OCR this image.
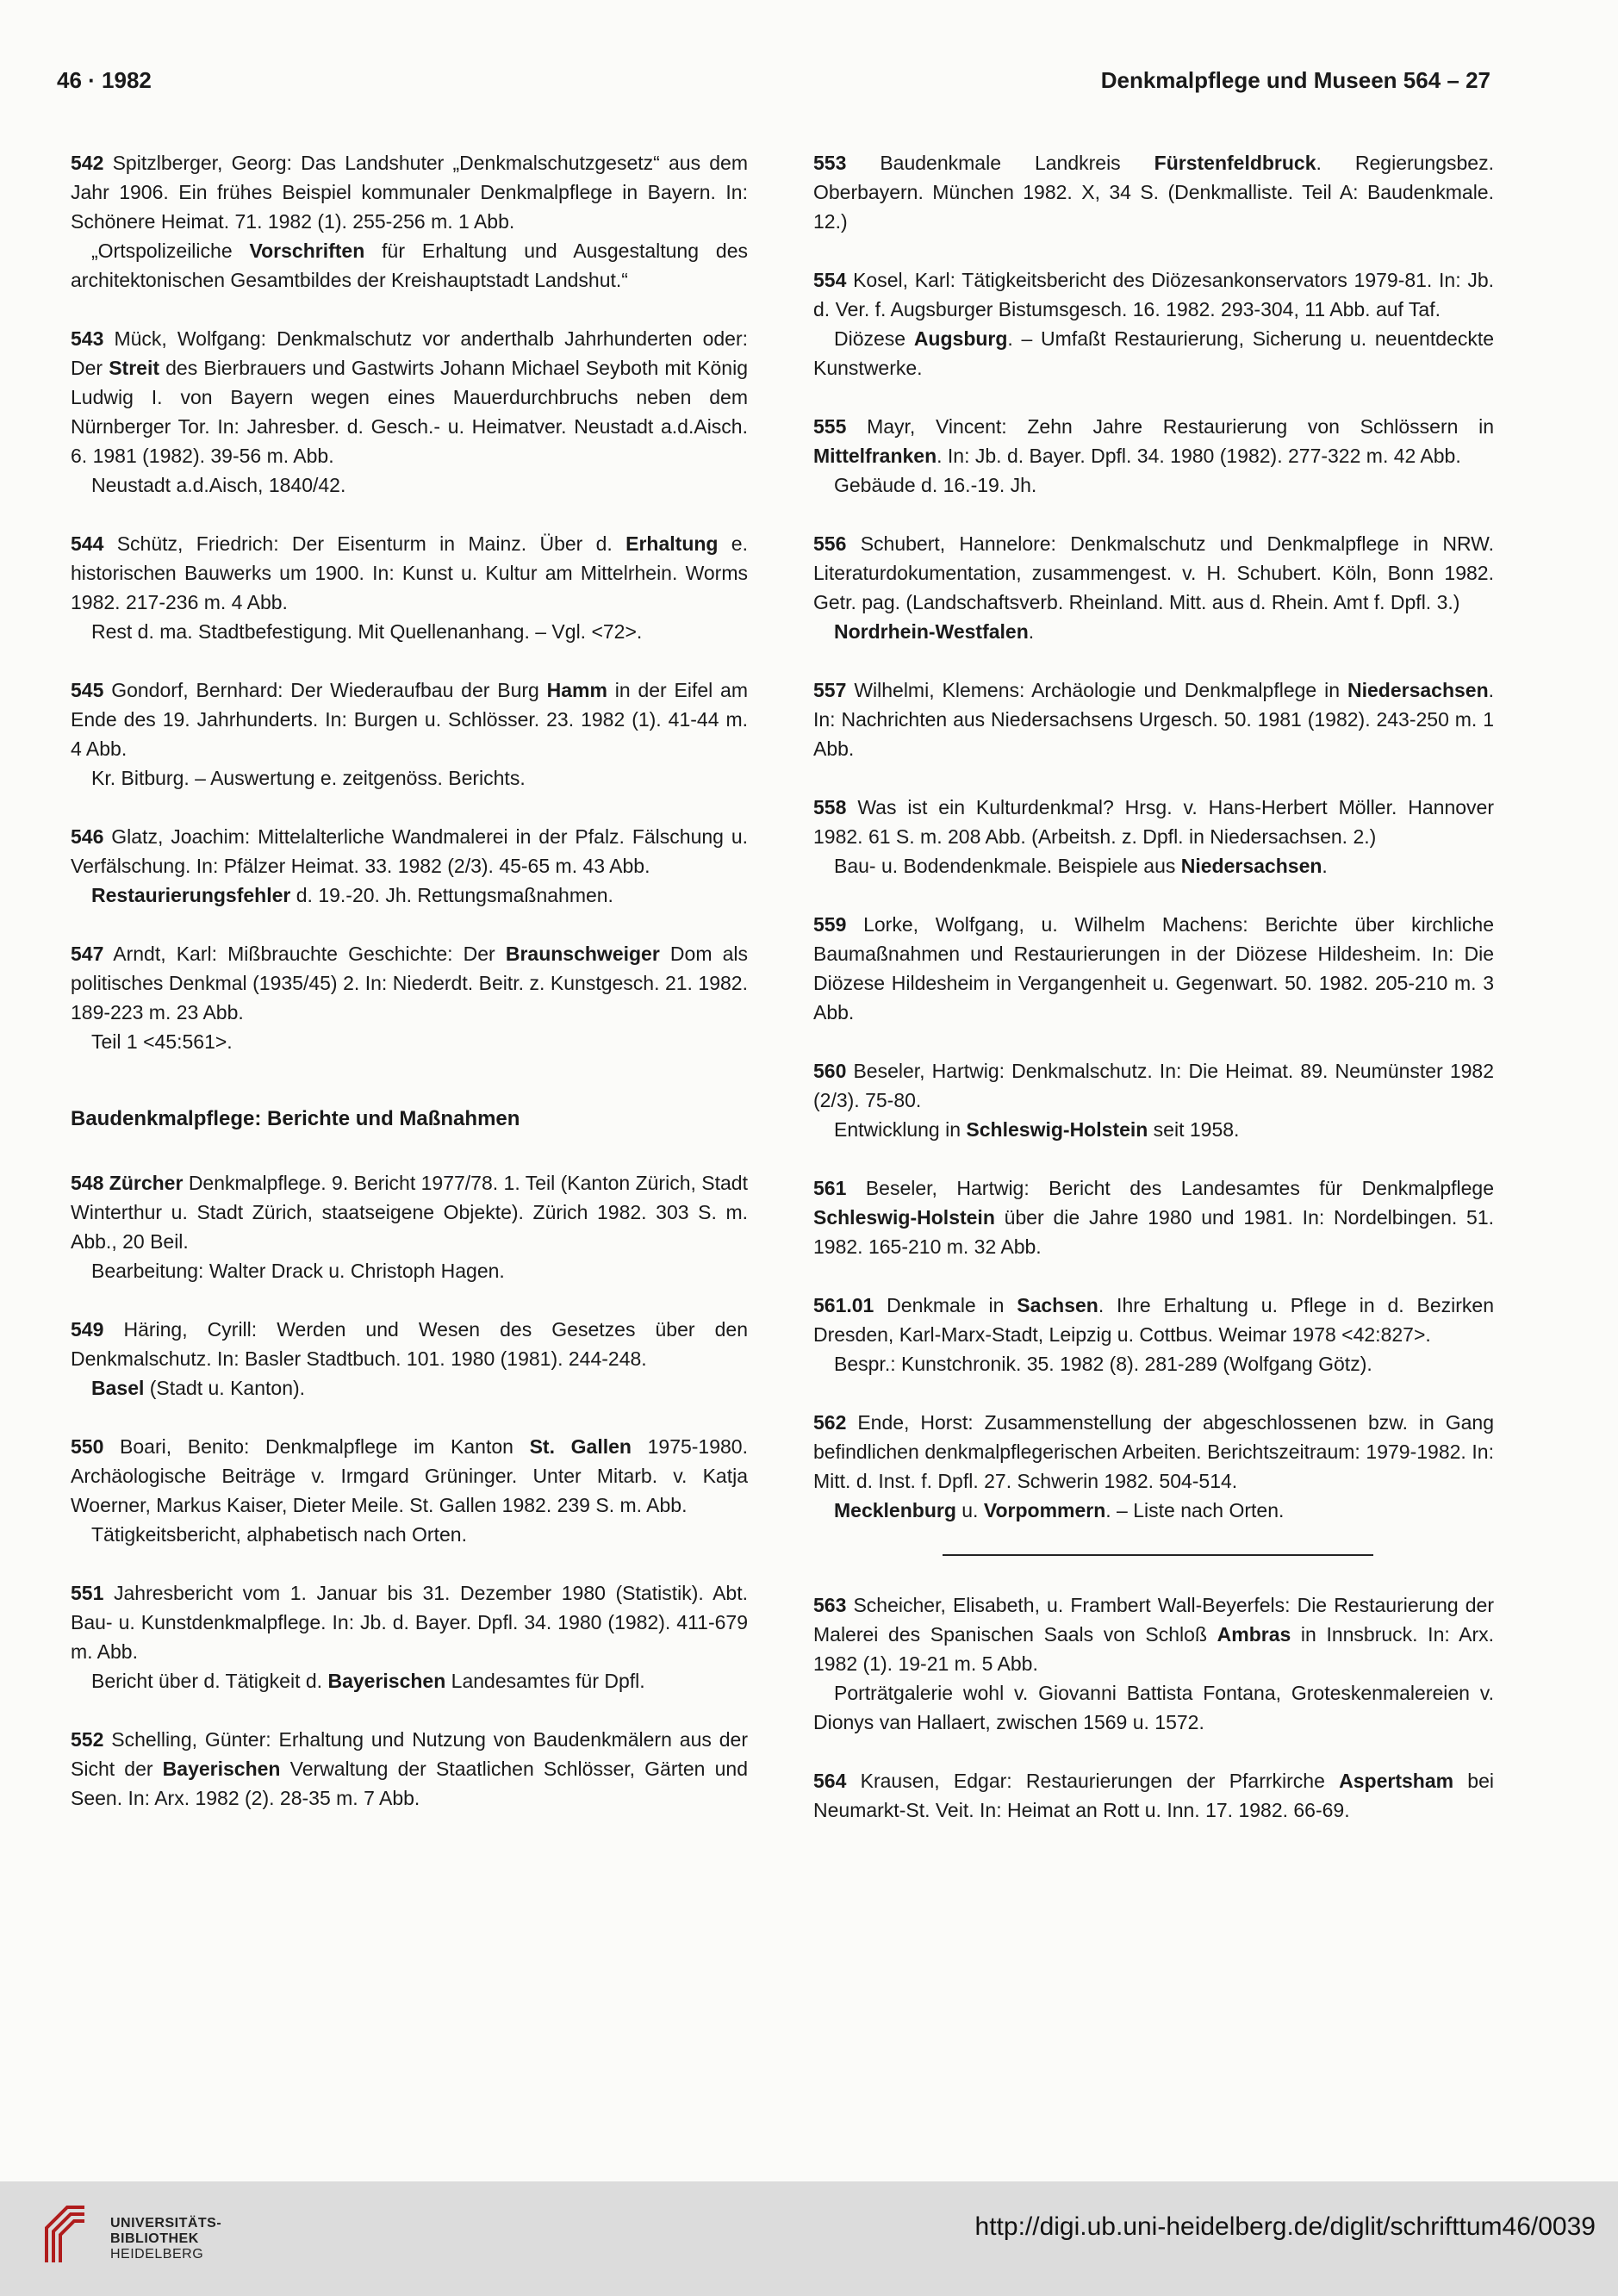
46 · 1982	Denkmalpflege und Museen 564 – 27

542 Spitzlberger, Georg: Das Landshuter „Denkmalschutzgesetz“ aus dem Jahr 1906. Ein frühes Beispiel kommunaler Denkmalpflege in Bayern. In: Schönere Heimat. 71. 1982 (1). 255-256 m. 1 Abb.

„Ortspolizeiliche Vorschriften für Erhaltung und Ausgestaltung des architektonischen Gesamtbildes der Kreishauptstadt Landshut.“

543 Mück, Wolfgang: Denkmalschutz vor anderthalb Jahrhunderten oder: Der Streit des Bierbrauers und Gastwirts Johann Michael Seyboth mit König Ludwig I. von Bayern wegen eines Mauerdurchbruchs neben dem Nürnberger Tor. In: Jahresber. d. Gesch.- u. Heimatver. Neustadt a.d.Aisch. 6. 1981 (1982). 39-56 m. Abb.

Neustadt a.d.Aisch, 1840/42.

544 Schütz, Friedrich: Der Eisenturm in Mainz. Über d. Erhaltung e. historischen Bauwerks um 1900. In: Kunst u. Kultur am Mittelrhein. Worms 1982. 217-236 m. 4 Abb.

Rest d. ma. Stadtbefestigung. Mit Quellenanhang. – Vgl. <72>.

545 Gondorf, Bernhard: Der Wiederaufbau der Burg Hamm in der Eifel am Ende des 19. Jahrhunderts. In: Burgen u. Schlösser. 23. 1982 (1). 41-44 m. 4 Abb.

Kr. Bitburg. – Auswertung e. zeitgenöss. Berichts.

546 Glatz, Joachim: Mittelalterliche Wandmalerei in der Pfalz. Fälschung u. Verfälschung. In: Pfälzer Heimat. 33. 1982 (2/3). 45-65 m. 43 Abb.

Restaurierungsfehler d. 19.-20. Jh. Rettungsmaßnahmen.

547 Arndt, Karl: Mißbrauchte Geschichte: Der Braunschweiger Dom als politisches Denkmal (1935/45) 2. In: Niederdt. Beitr. z. Kunstgesch. 21. 1982. 189-223 m. 23 Abb.

Teil 1 <45:561>.

Baudenkmalpflege: Berichte und Maßnahmen

548 Zürcher Denkmalpflege. 9. Bericht 1977/78. 1. Teil (Kanton Zürich, Stadt Winterthur u. Stadt Zürich, staatseigene Objekte). Zürich 1982. 303 S. m. Abb., 20 Beil.

Bearbeitung: Walter Drack u. Christoph Hagen.

549 Häring, Cyrill: Werden und Wesen des Gesetzes über den Denkmalschutz. In: Basler Stadtbuch. 101. 1980 (1981). 244-248.

Basel (Stadt u. Kanton).

550 Boari, Benito: Denkmalpflege im Kanton St. Gallen 1975-1980. Archäologische Beiträge v. Irmgard Grüninger. Unter Mitarb. v. Katja Woerner, Markus Kaiser, Dieter Meile. St. Gallen 1982. 239 S. m. Abb.

Tätigkeitsbericht, alphabetisch nach Orten.

551 Jahresbericht vom 1. Januar bis 31. Dezember 1980 (Statistik). Abt. Bau- u. Kunstdenkmalpflege. In: Jb. d. Bayer. Dpfl. 34. 1980 (1982). 411-679 m. Abb.

Bericht über d. Tätigkeit d. Bayerischen Landesamtes für Dpfl.

552 Schelling, Günter: Erhaltung und Nutzung von Baudenkmälern aus der Sicht der Bayerischen Verwaltung der Staatlichen Schlösser, Gärten und Seen. In: Arx. 1982 (2). 28-35 m. 7 Abb.

553 Baudenkmale Landkreis Fürstenfeldbruck. Regierungsbez. Oberbayern. München 1982. X, 34 S. (Denkmalliste. Teil A: Baudenkmale. 12.)

554 Kosel, Karl: Tätigkeitsbericht des Diözesankonservators 1979-81. In: Jb. d. Ver. f. Augsburger Bistumsgesch. 16. 1982. 293-304, 11 Abb. auf Taf.

Diözese Augsburg. – Umfaßt Restaurierung, Sicherung u. neuentdeckte Kunstwerke.

555 Mayr, Vincent: Zehn Jahre Restaurierung von Schlössern in Mittelfranken. In: Jb. d. Bayer. Dpfl. 34. 1980 (1982). 277-322 m. 42 Abb.

Gebäude d. 16.-19. Jh.

556 Schubert, Hannelore: Denkmalschutz und Denkmalpflege in NRW. Literaturdokumentation, zusammengest. v. H. Schubert. Köln, Bonn 1982. Getr. pag. (Landschaftsverb. Rheinland. Mitt. aus d. Rhein. Amt f. Dpfl. 3.)

Nordrhein-Westfalen.

557 Wilhelmi, Klemens: Archäologie und Denkmalpflege in Niedersachsen. In: Nachrichten aus Niedersachsens Urgesch. 50. 1981 (1982). 243-250 m. 1 Abb.

558 Was ist ein Kulturdenkmal? Hrsg. v. Hans-Herbert Möller. Hannover 1982. 61 S. m. 208 Abb. (Arbeitsh. z. Dpfl. in Niedersachsen. 2.)

Bau- u. Bodendenkmale. Beispiele aus Niedersachsen.

559 Lorke, Wolfgang, u. Wilhelm Machens: Berichte über kirchliche Baumaßnahmen und Restaurierungen in der Diözese Hildesheim. In: Die Diözese Hildesheim in Vergangenheit u. Gegenwart. 50. 1982. 205-210 m. 3 Abb.

560 Beseler, Hartwig: Denkmalschutz. In: Die Heimat. 89. Neumünster 1982 (2/3). 75-80.

Entwicklung in Schleswig-Holstein seit 1958.

561 Beseler, Hartwig: Bericht des Landesamtes für Denkmalpflege Schleswig-Holstein über die Jahre 1980 und 1981. In: Nordelbingen. 51. 1982. 165-210 m. 32 Abb.

561.01 Denkmale in Sachsen. Ihre Erhaltung u. Pflege in d. Bezirken Dresden, Karl-Marx-Stadt, Leipzig u. Cottbus. Weimar 1978 <42:827>.

Bespr.: Kunstchronik. 35. 1982 (8). 281-289 (Wolfgang Götz).

562 Ende, Horst: Zusammenstellung der abgeschlossenen bzw. in Gang befindlichen denkmalpflegerischen Arbeiten. Berichtszeitraum: 1979-1982. In: Mitt. d. Inst. f. Dpfl. 27. Schwerin 1982. 504-514.

Mecklenburg u. Vorpommern. – Liste nach Orten.

563 Scheicher, Elisabeth, u. Frambert Wall-Beyerfels: Die Restaurierung der Malerei des Spanischen Saals von Schloß Ambras in Innsbruck. In: Arx. 1982 (1). 19-21 m. 5 Abb.

Porträtgalerie wohl v. Giovanni Battista Fontana, Groteskenmalereien v. Dionys van Hallaert, zwischen 1569 u. 1572.

564 Krausen, Edgar: Restaurierungen der Pfarrkirche Aspertsham bei Neumarkt-St. Veit. In: Heimat an Rott u. Inn. 17. 1982. 66-69.

UNIVERSITÄTS-
BIBLIOTHEK
HEIDELBERG
http://digi.ub.uni-heidelberg.de/diglit/schrifttum46/0039
